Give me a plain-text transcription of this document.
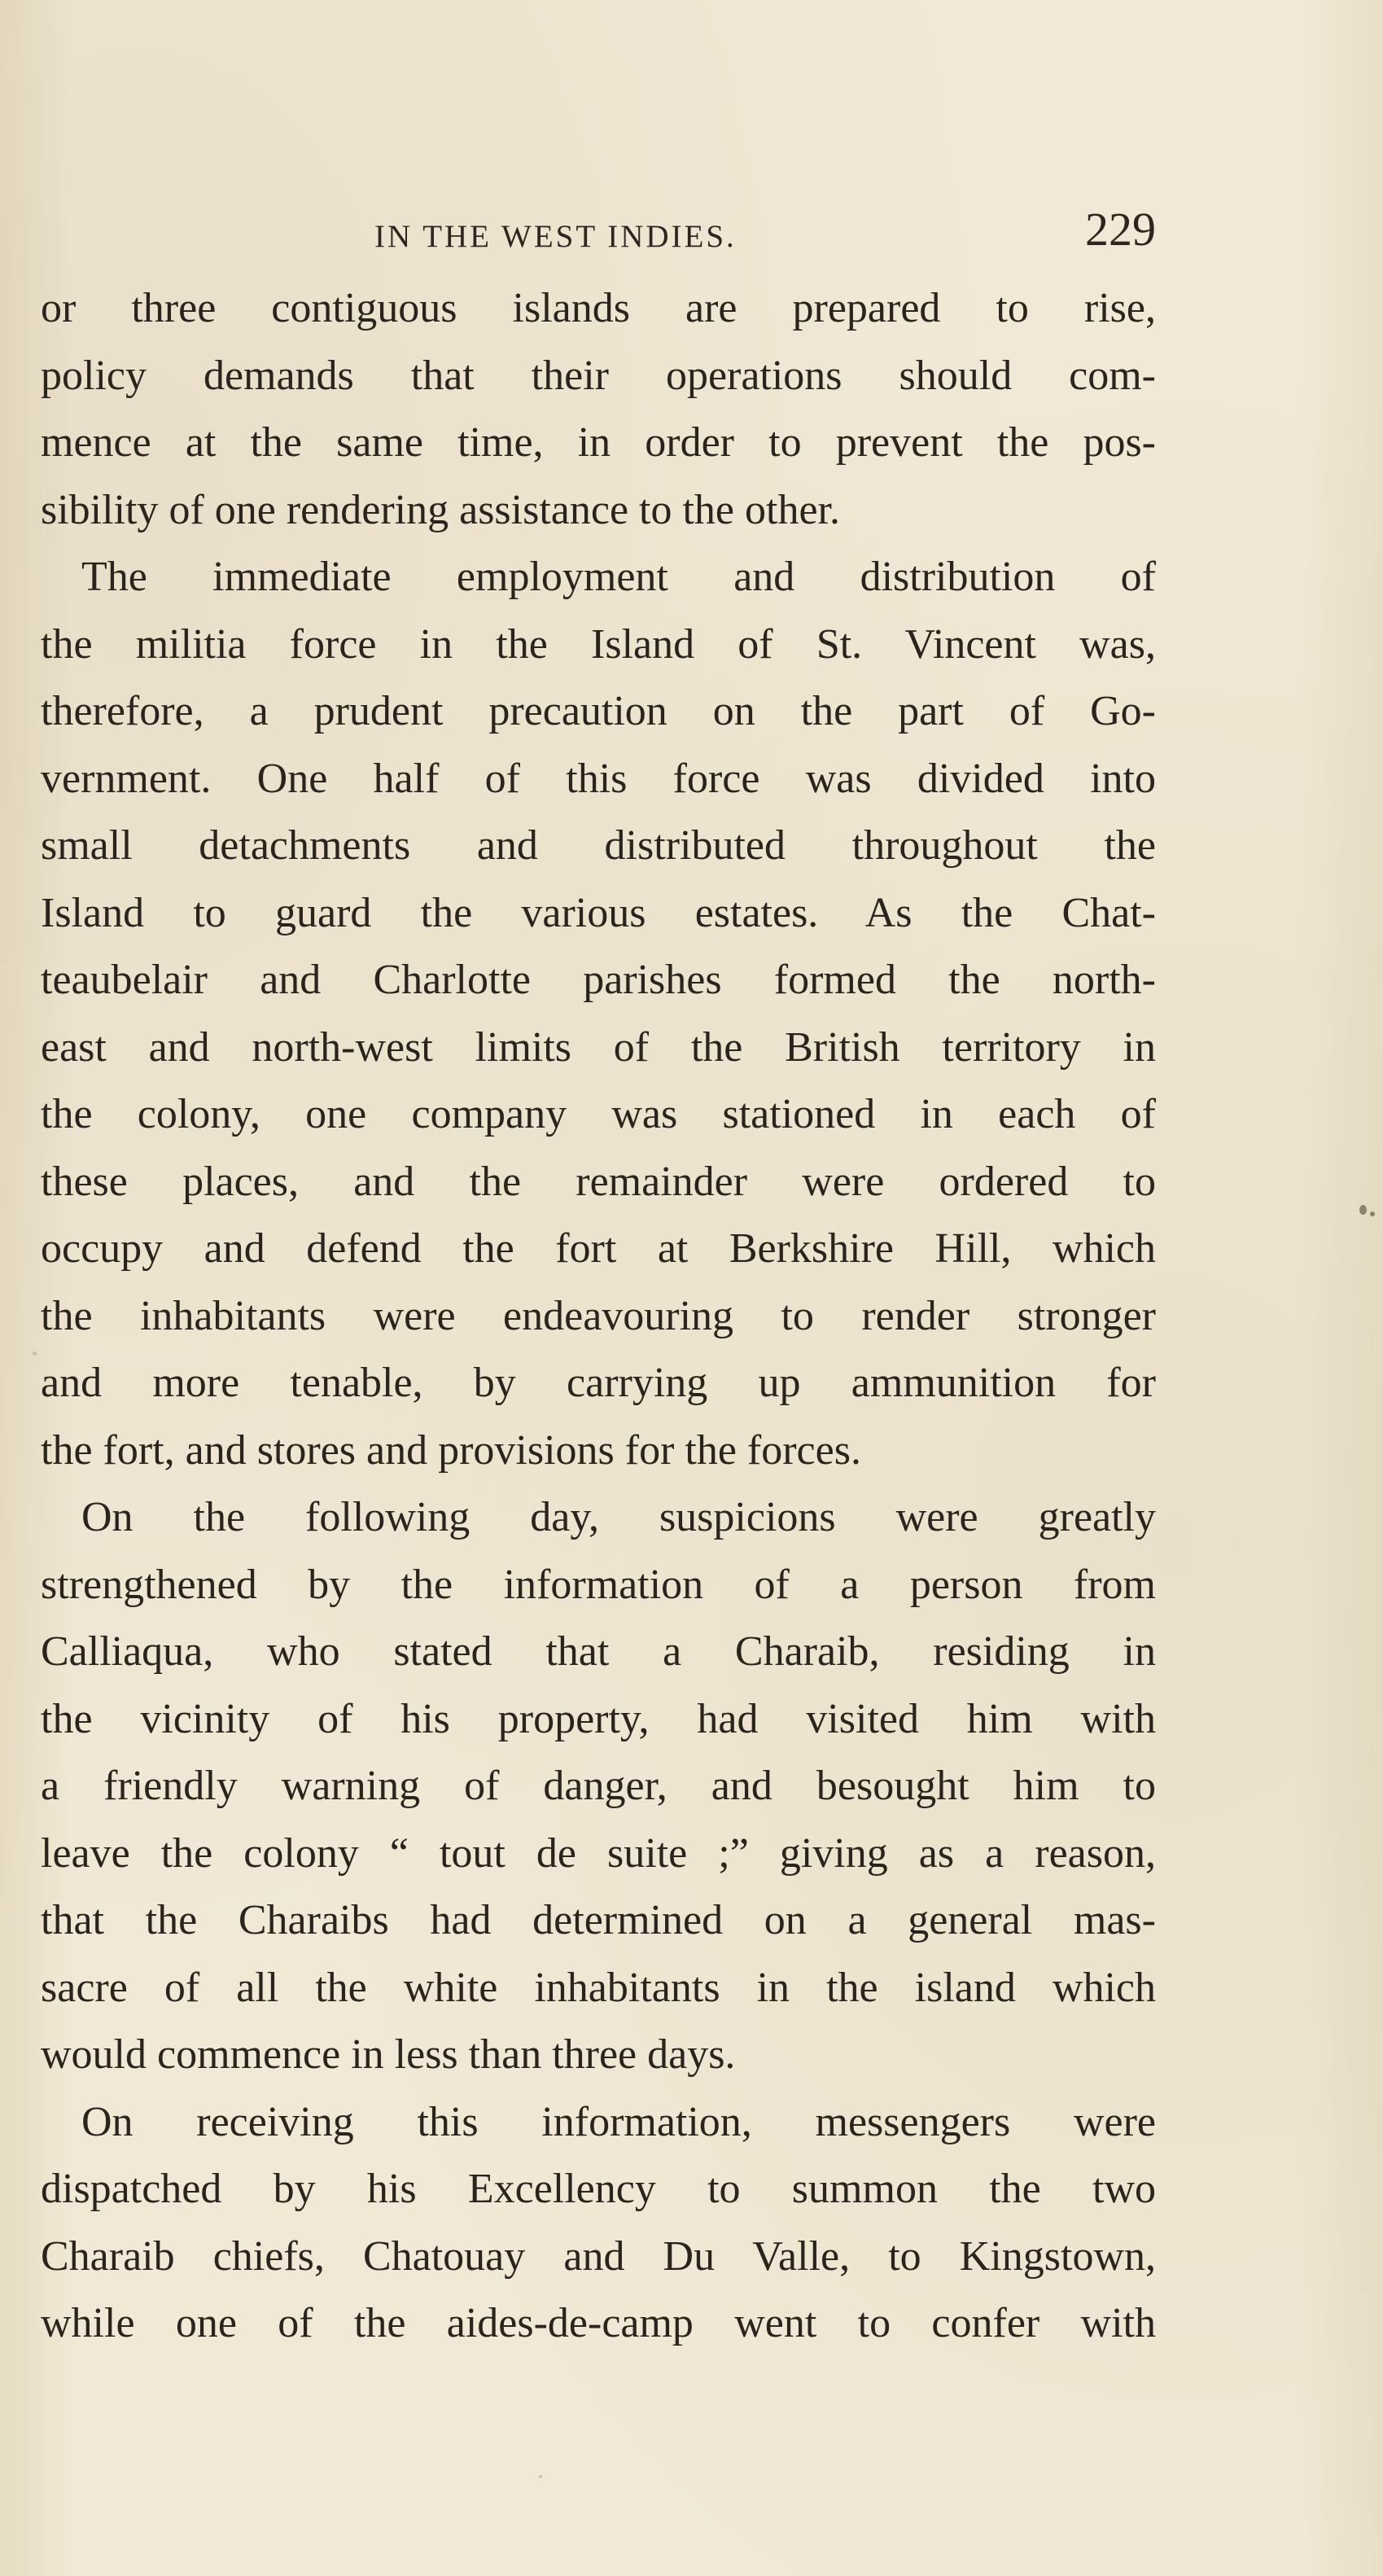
IN THE WEST INDIES.	229
or three contiguous islands are prepared to rise,
policy demands that their operations should com-
mence at the same time, in order to prevent the pos-
sibility of one rendering assistance to the other.
The immediate employment and distribution of
the militia force in the Island of St. Vincent was,
therefore, a prudent precaution on the part of Go-
vernment. One half of this force was divided into
small detachments and distributed throughout the
Island to guard the various estates. As the Chat-
teaubelair and Charlotte parishes formed the north-
east and north-west limits of the British territory in
the colony, one company was stationed in each of
these places, and the remainder were ordered to
occupy and defend the fort at Berkshire Hill, which
the inhabitants were endeavouring to render stronger
and more tenable, by carrying up ammunition for
the fort, and stores and provisions for the forces.
On the following day, suspicions were greatly
strengthened by the information of a person from
Calliaqua, who stated that a Charaib, residing in
the vicinity of his property, had visited him with
a friendly warning of danger, and besought him to
leave the colony “ tout de suite ;” giving as a reason,
that the Charaibs had determined on a general mas-
sacre of all the white inhabitants in the island which
would commence in less than three days.
On receiving this information, messengers were
dispatched by his Excellency to summon the two
Charaib chiefs, Chatouay and Du Valle, to Kingstown,
while one of the aides-de-camp went to confer with
